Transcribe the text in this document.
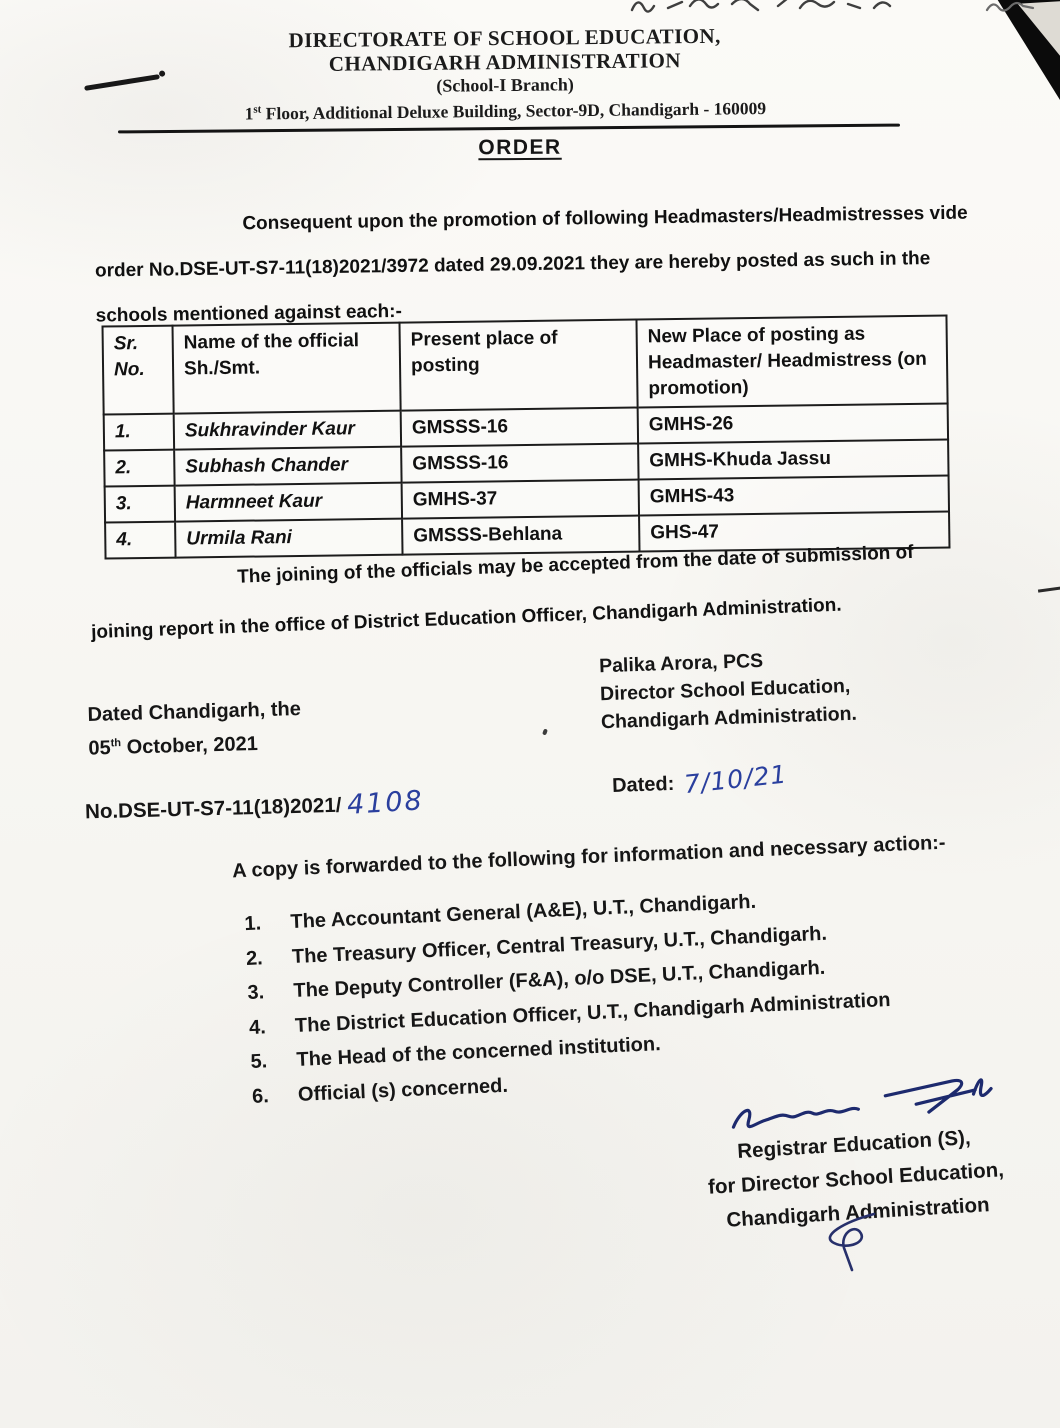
DIRECTORATE OF SCHOOL EDUCATION,
CHANDIGARH ADMINISTRATION
(School-I Branch)
1st Floor, Additional Deluxe Building, Sector-9D, Chandigarh - 160009
ORDER
Consequent upon the promotion of following Headmasters/Headmistresses vide order No.DSE-UT-S7-11(18)2021/3972 dated 29.09.2021 they are hereby posted as such in the schools mentioned against each:-
Sr. No.	Name of the official Sh./Smt.	Present place of posting	New Place of posting as Headmaster/ Headmistress (on promotion)
1.	Sukhravinder Kaur	GMSSS-16	GMHS-26
2.	Subhash Chander	GMSSS-16	GMHS-Khuda Jassu
3.	Harmneet Kaur	GMHS-37	GMHS-43
4.	Urmila Rani	GMSSS-Behlana	GHS-47
The joining of the officials may be accepted from the date of submission of joining report in the office of District Education Officer, Chandigarh Administration.
Palika Arora, PCS
Director School Education,
Chandigarh Administration.
Dated Chandigarh, the
05th October, 2021
No.DSE-UT-S7-11(18)2021/ 4108
Dated: 7/10/21
A copy is forwarded to the following for information and necessary action:-
1.	The Accountant General (A&E), U.T., Chandigarh.
2.	The Treasury Officer, Central Treasury, U.T., Chandigarh.
3.	The Deputy Controller (F&A), o/o DSE, U.T., Chandigarh.
4.	The District Education Officer, U.T., Chandigarh Administration
5.	The Head of the concerned institution.
6.	Official (s) concerned.
Registrar Education (S),
for Director School Education,
Chandigarh Administration
